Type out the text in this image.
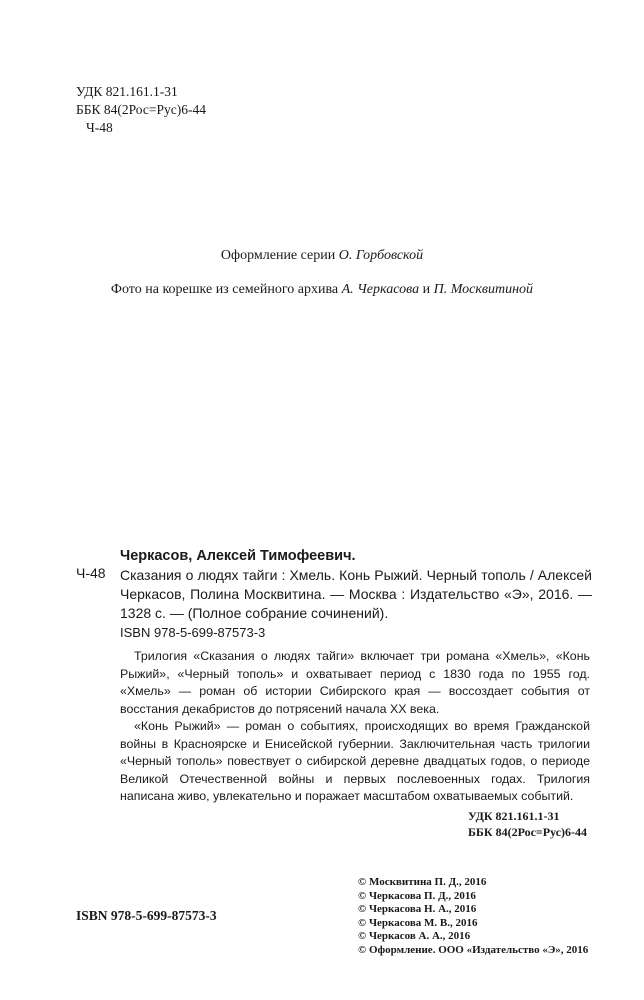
УДК 821.161.1-31
ББК 84(2Рос=Рус)6-44
Ч-48
Оформление серии О. Горбовской
Фото на корешке из семейного архива А. Черкасова и П. Москвитиной
Черкасов, Алексей Тимофеевич.
Ч-48 Сказания о людях тайги : Хмель. Конь Рыжий. Черный тополь / Алексей Черкасов, Полина Москвитина. — Москва : Издательство «Э», 2016. — 1328 с. — (Полное собрание сочинений).
ISBN 978-5-699-87573-3

Трилогия «Сказания о людях тайги» включает три романа «Хмель», «Конь Рыжий», «Черный тополь» и охватывает период с 1830 года по 1955 год. «Хмель» — роман об истории Сибирского края — воссоздает события от восстания декабристов до потрясений начала XX века.

«Конь Рыжий» — роман о событиях, происходящих во время Гражданской войны в Красноярске и Енисейской губернии. Заключительная часть трилогии «Черный тополь» повествует о сибирской деревне двадцатых годов, о периоде Великой Отечественной войны и первых послевоенных годах. Трилогия написана живо, увлекательно и поражает масштабом охватываемых событий.

УДК 821.161.1-31
ББК 84(2Рос=Рус)6-44
© Москвитина П. Д., 2016
© Черкасова П. Д., 2016
© Черкасова Н. А., 2016
© Черкасова М. В., 2016
© Черкасов А. А., 2016
© Оформление. ООО «Издательство «Э», 2016
ISBN 978-5-699-87573-3
